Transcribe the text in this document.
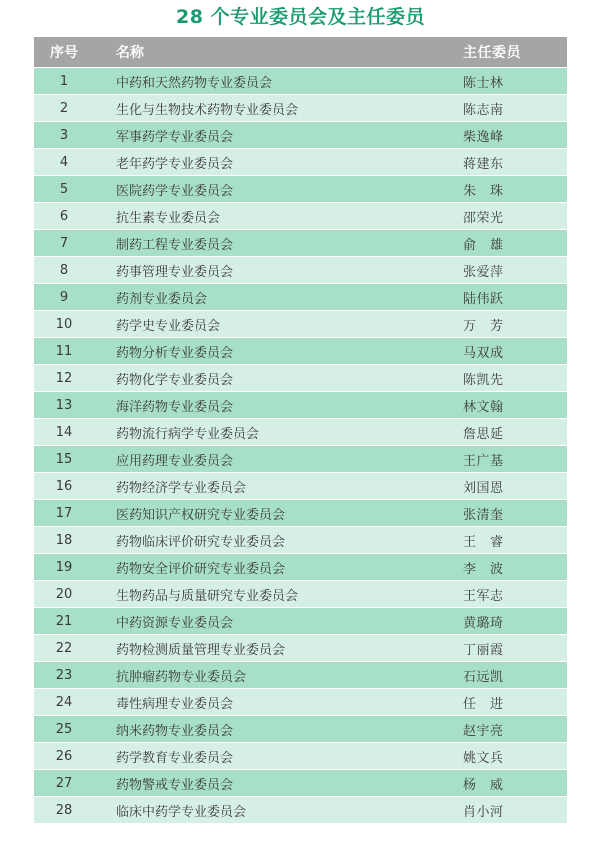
28 个专业委员会及主任委员
序号	名称	主任委员
1	中药和天然药物专业委员会	陈士林
2	生化与生物技术药物专业委员会	陈志南
3	军事药学专业委员会	柴逸峰
4	老年药学专业委员会	蒋建东
5	医院药学专业委员会	朱　珠
6	抗生素专业委员会	邵荣光
7	制药工程专业委员会	俞　雄
8	药事管理专业委员会	张爱萍
9	药剂专业委员会	陆伟跃
10	药学史专业委员会	万　芳
11	药物分析专业委员会	马双成
12	药物化学专业委员会	陈凯先
13	海洋药物专业委员会	林文翰
14	药物流行病学专业委员会	詹思延
15	应用药理专业委员会	王广基
16	药物经济学专业委员会	刘国恩
17	医药知识产权研究专业委员会	张清奎
18	药物临床评价研究专业委员会	王　睿
19	药物安全评价研究专业委员会	李　波
20	生物药品与质量研究专业委员会	王军志
21	中药资源专业委员会	黄璐琦
22	药物检测质量管理专业委员会	丁丽霞
23	抗肿瘤药物专业委员会	石远凯
24	毒性病理专业委员会	任　进
25	纳米药物专业委员会	赵宇亮
26	药学教育专业委员会	姚文兵
27	药物警戒专业委员会	杨　威
28	临床中药学专业委员会	肖小河
